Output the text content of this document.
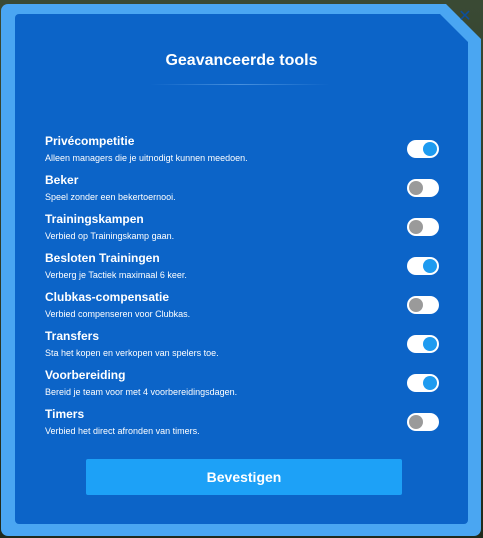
✕
Geavanceerde tools
Privécompetitie
Alleen managers die je uitnodigt kunnen meedoen.
Beker
Speel zonder een bekertoernooi.
Trainingskampen
Verbied op Trainingskamp gaan.
Besloten Trainingen
Verberg je Tactiek maximaal 6 keer.
Clubkas-compensatie
Verbied compenseren voor Clubkas.
Transfers
Sta het kopen en verkopen van spelers toe.
Voorbereiding
Bereid je team voor met 4 voorbereidingsdagen.
Timers
Verbied het direct afronden van timers.
Bevestigen
